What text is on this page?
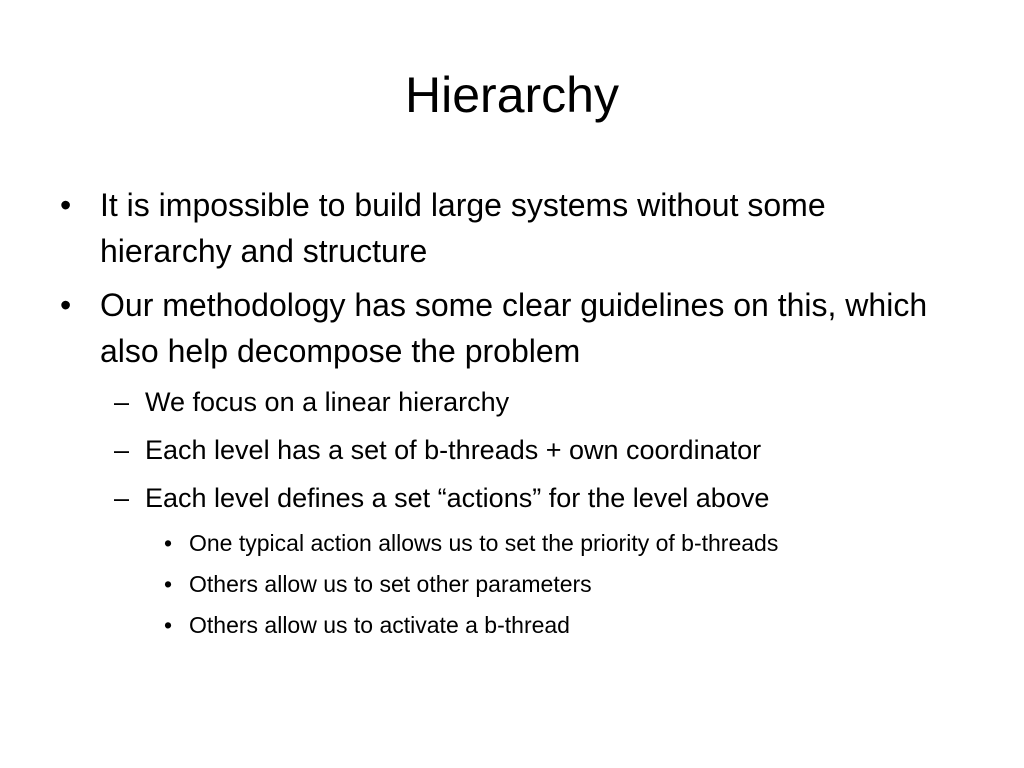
Hierarchy
• It is impossible to build large systems without some hierarchy and structure
• Our methodology has some clear guidelines on this, which also help decompose the problem
– We focus on a linear hierarchy
– Each level has a set of b-threads + own coordinator
– Each level defines a set “actions” for the level above
• One typical action allows us to set the priority of b-threads
• Others allow us to set other parameters
• Others allow us to activate a b-thread
